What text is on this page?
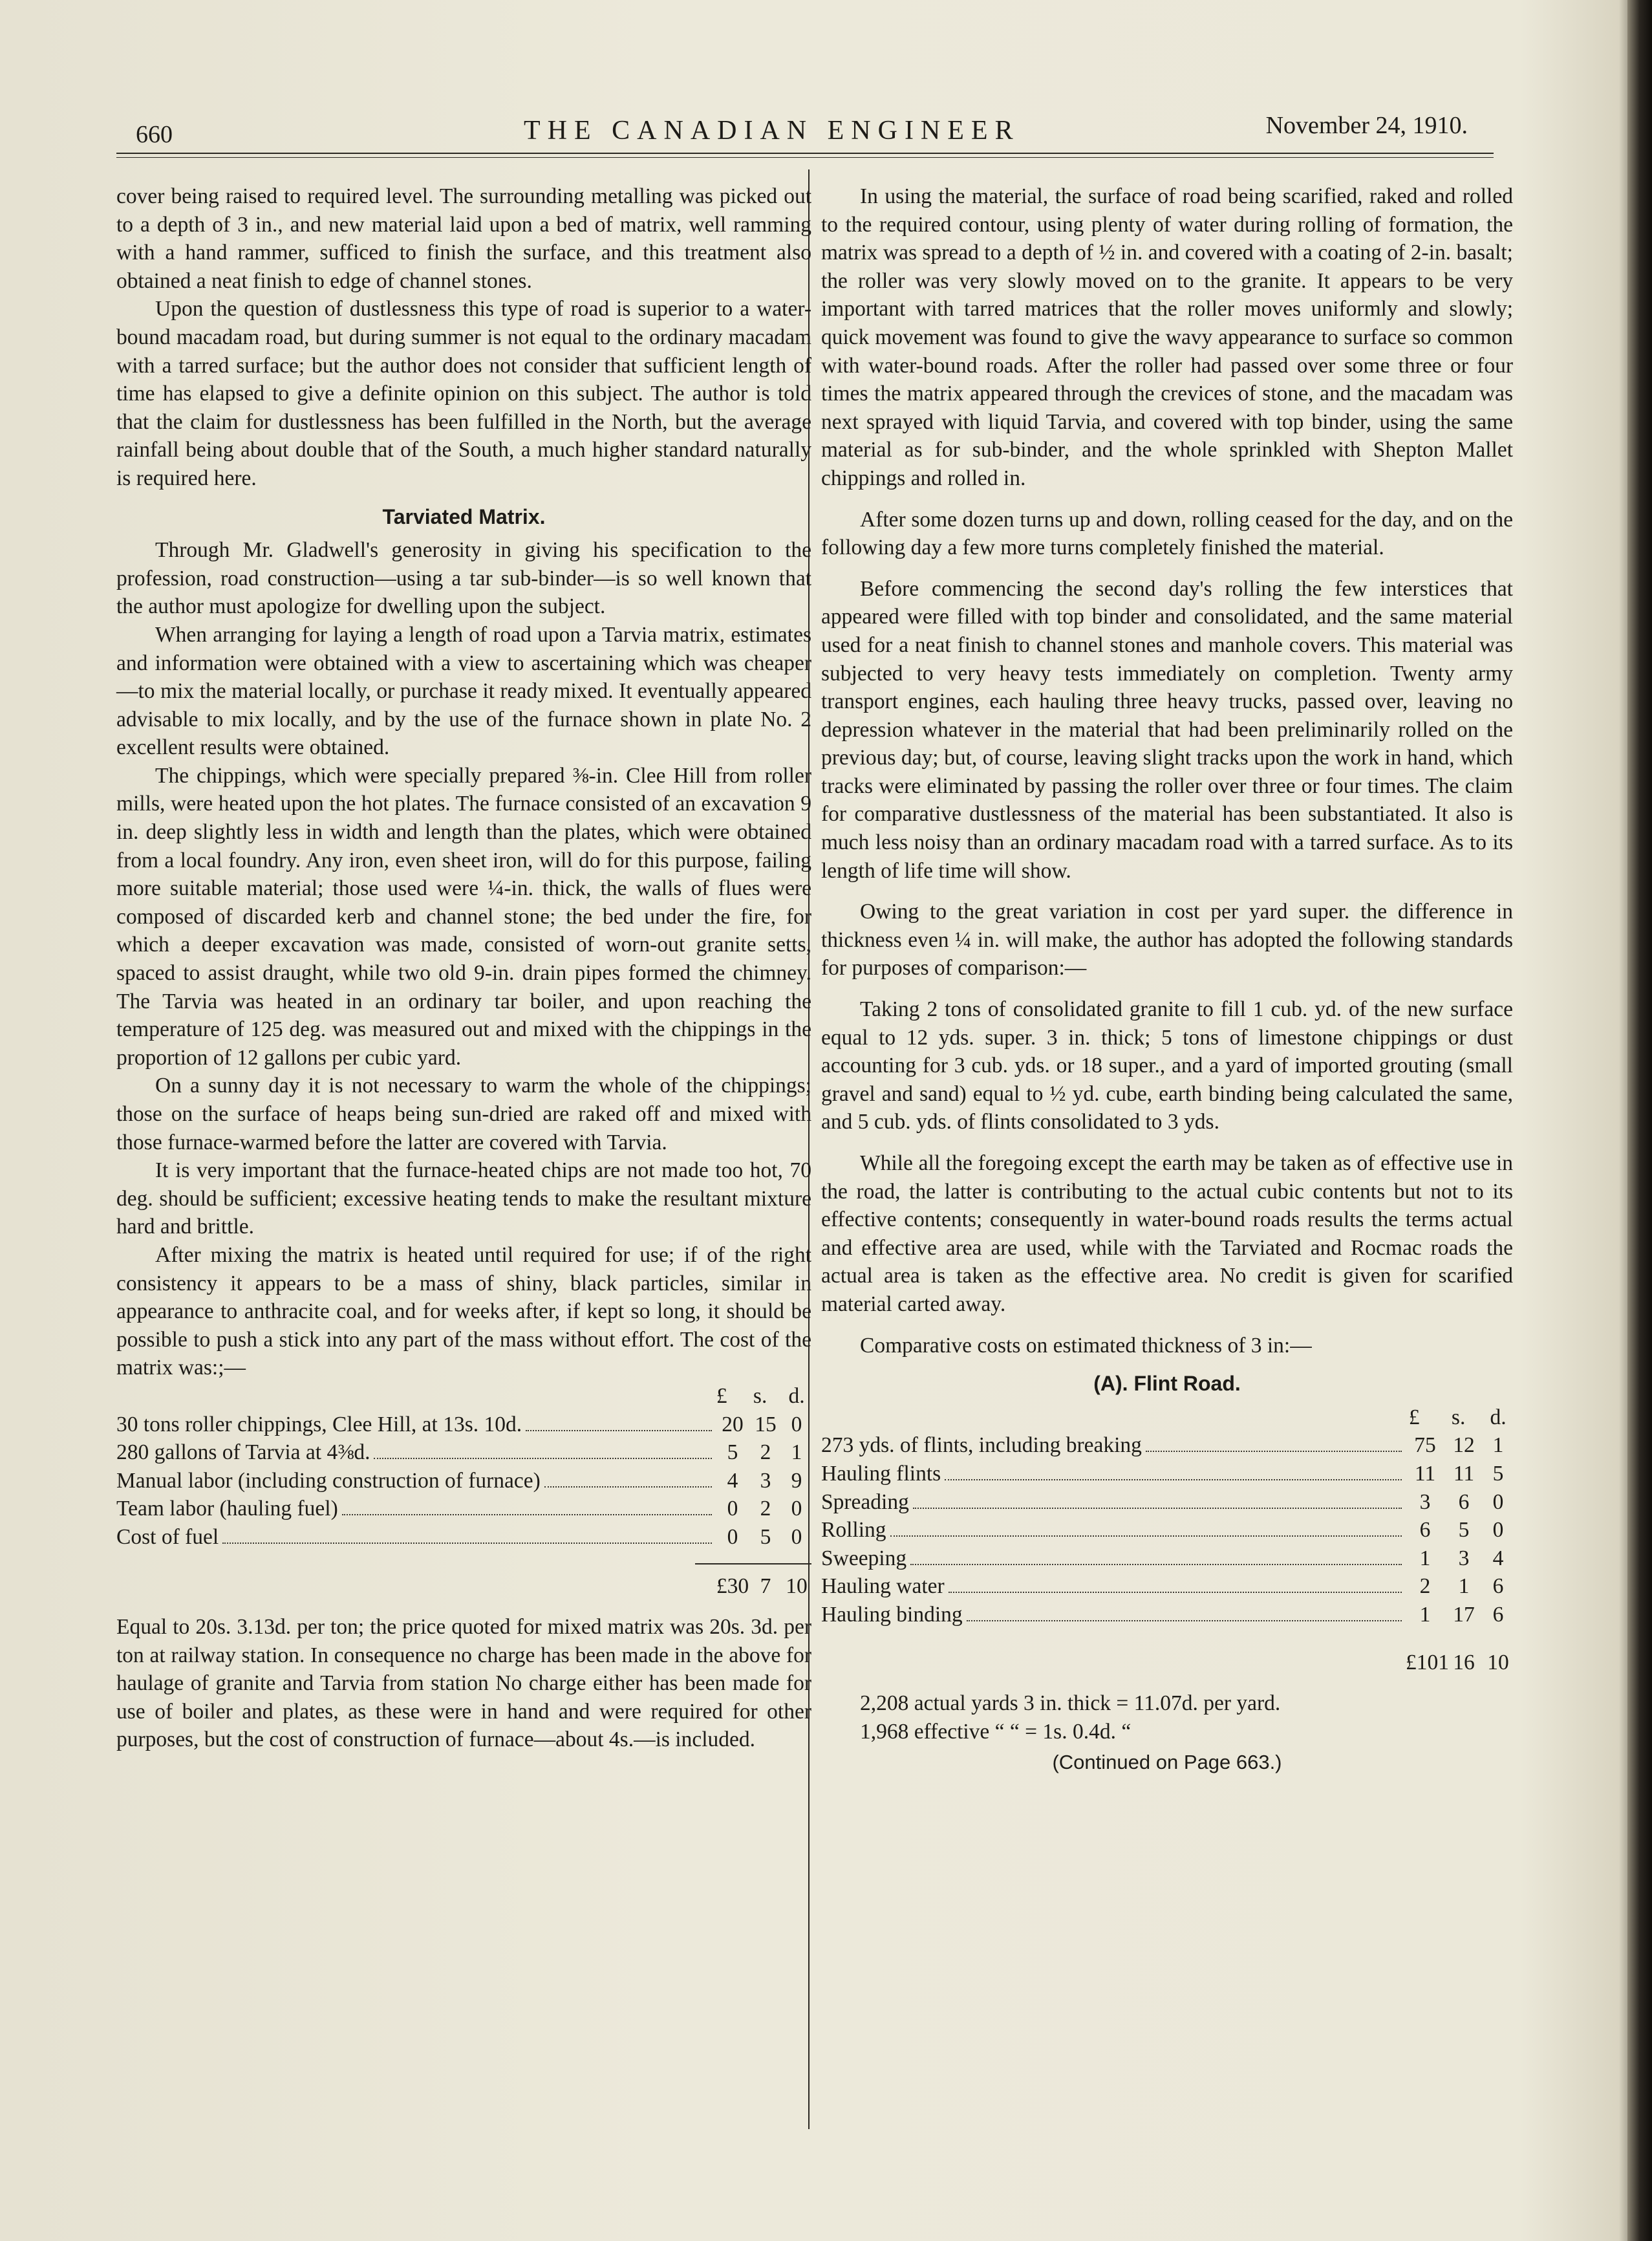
660	THE CANADIAN ENGINEER	November 24, 1910.

cover being raised to required level. The surrounding metalling was picked out to a depth of 3 in., and new material laid upon a bed of matrix, well ramming with a hand rammer, sufficed to finish the surface, and this treatment also obtained a neat finish to edge of channel stones.

Upon the question of dustlessness this type of road is superior to a water-bound macadam road, but during summer is not equal to the ordinary macadam with a tarred surface; but the author does not consider that sufficient length of time has elapsed to give a definite opinion on this subject. The author is told that the claim for dustlessness has been fulfilled in the North, but the average rainfall being about double that of the South, a much higher standard naturally is required here.

Tarviated Matrix.

Through Mr. Gladwell's generosity in giving his specification to the profession, road construction—using a tar sub-binder—is so well known that the author must apologize for dwelling upon the subject.

When arranging for laying a length of road upon a Tarvia matrix, estimates and information were obtained with a view to ascertaining which was cheaper—to mix the material locally, or purchase it ready mixed. It eventually appeared advisable to mix locally, and by the use of the furnace shown in plate No. 2 excellent results were obtained.

The chippings, which were specially prepared ⅜-in. Clee Hill from roller mills, were heated upon the hot plates. The furnace consisted of an excavation 9 in. deep slightly less in width and length than the plates, which were obtained from a local foundry. Any iron, even sheet iron, will do for this purpose, failing more suitable material; those used were ¼-in. thick, the walls of flues were composed of discarded kerb and channel stone; the bed under the fire, for which a deeper excavation was made, consisted of worn-out granite setts, spaced to assist draught, while two old 9-in. drain pipes formed the chimney. The Tarvia was heated in an ordinary tar boiler, and upon reaching the temperature of 125 deg. was measured out and mixed with the chippings in the proportion of 12 gallons per cubic yard.

On a sunny day it is not necessary to warm the whole of the chippings; those on the surface of heaps being sun-dried are raked off and mixed with those furnace-warmed before the latter are covered with Tarvia.

It is very important that the furnace-heated chips are not made too hot, 70 deg. should be sufficient; excessive heating tends to make the resultant mixture hard and brittle.

After mixing the matrix is heated until required for use; if of the right consistency it appears to be a mass of shiny, black particles, similar in appearance to anthracite coal, and for weeks after, if kept so long, it should be possible to push a stick into any part of the mass without effort. The cost of the matrix was:;—

£ s. d.
30 tons roller chippings, Clee Hill, at 13s. 10d.	20 15 0
280 gallons of Tarvia at 4⅜d.	5	2 1
Manual labor (including construction of furnace)	4	3 9
Team labor (hauling fuel)	0	2 0
Cost of fuel	0	5 0
£30 7 10

Equal to 20s. 3.13d. per ton; the price quoted for mixed matrix was 20s. 3d. per ton at railway station. In consequence no charge has been made in the above for haulage of granite and Tarvia from station No charge either has been made for use of boiler and plates, as these were in hand and were required for other purposes, but the cost of construction of furnace—about 4s.—is included.

In using the material, the surface of road being scarified, raked and rolled to the required contour, using plenty of water during rolling of formation, the matrix was spread to a depth of ½ in. and covered with a coating of 2-in. basalt; the roller was very slowly moved on to the granite. It appears to be very important with tarred matrices that the roller moves uniformly and slowly; quick movement was found to give the wavy appearance to surface so common with water-bound roads. After the roller had passed over some three or four times the matrix appeared through the crevices of stone, and the macadam was next sprayed with liquid Tarvia, and covered with top binder, using the same material as for sub-binder, and the whole sprinkled with Shepton Mallet chippings and rolled in.

After some dozen turns up and down, rolling ceased for the day, and on the following day a few more turns completely finished the material.

Before commencing the second day's rolling the few interstices that appeared were filled with top binder and consolidated, and the same material used for a neat finish to channel stones and manhole covers. This material was subjected to very heavy tests immediately on completion. Twenty army transport engines, each hauling three heavy trucks, passed over, leaving no depression whatever in the material that had been preliminarily rolled on the previous day; but, of course, leaving slight tracks upon the work in hand, which tracks were eliminated by passing the roller over three or four times. The claim for comparative dustlessness of the material has been substantiated. It also is much less noisy than an ordinary macadam road with a tarred surface. As to its length of life time will show.

Owing to the great variation in cost per yard super. the difference in thickness even ¼ in. will make, the author has adopted the following standards for purposes of comparison:—

Taking 2 tons of consolidated granite to fill 1 cub. yd. of the new surface equal to 12 yds. super. 3 in. thick; 5 tons of limestone chippings or dust accounting for 3 cub. yds. or 18 super., and a yard of imported grouting (small gravel and sand) equal to ½ yd. cube, earth binding being calculated the same, and 5 cub. yds. of flints consolidated to 3 yds.

While all the foregoing except the earth may be taken as of effective use in the road, the latter is contributing to the actual cubic contents but not to its effective contents; consequently in water-bound roads results the terms actual and effective area are used, while with the Tarviated and Rocmac roads the actual area is taken as the effective area. No credit is given for scarified material carted away.

Comparative costs on estimated thickness of 3 in:—

(A). Flint Road.
£ s. d.
273 yds. of flints, including breaking	75 12 1
Hauling flints	11 11 5
Spreading	3	6	0
Rolling	6	5	0
Sweeping	1	3	4
Hauling water	2	1	6
Hauling binding	1	17 6
£101 16 10

2,208 actual yards 3 in. thick = 11.07d. per yard.

1,968 effective “ “ = 1s. 0.4d. “

(Continued on Page 663.)
